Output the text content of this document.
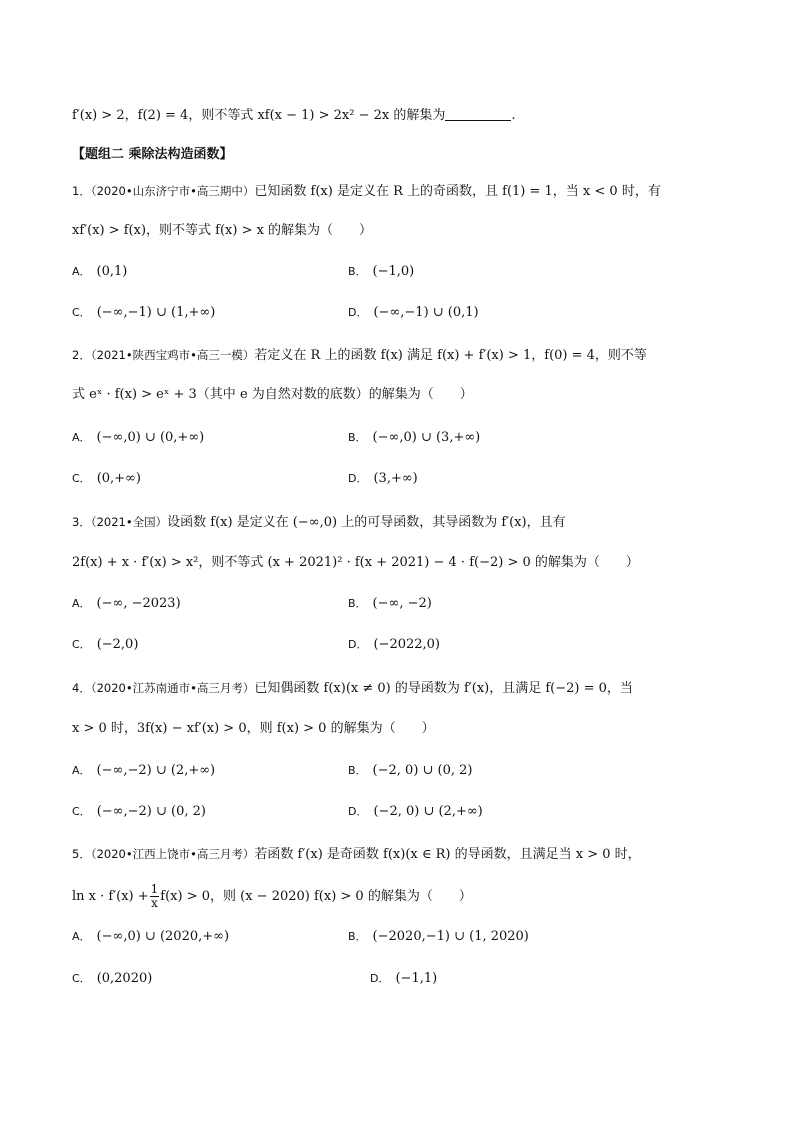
f′(x) > 2，f(2) = 4，则不等式 xf(x − 1) > 2x² − 2x 的解集为	.
【题组二 乘除法构造函数】
1．（2020•山东济宁市•高三期中）已知函数 f(x) 是定义在 R 上的奇函数，且 f(1) = 1，当 x < 0 时，有
xf′(x) > f(x)，则不等式 f(x) > x 的解集为（　　）
A． (0,1)	B． (−1,0)
C． (−∞,−1) ∪ (1,+∞)	D． (−∞,−1) ∪ (0,1)
2．（2021•陕西宝鸡市•高三一模）若定义在 R 上的函数 f(x) 满足 f(x) + f′(x) > 1，f(0) = 4，则不等
式 eˣ · f(x) > eˣ + 3（其中 e 为自然对数的底数）的解集为（　　）
A． (−∞,0) ∪ (0,+∞)	B． (−∞,0) ∪ (3,+∞)
C． (0,+∞)	D． (3,+∞)
3．（2021•全国）设函数 f(x) 是定义在 (−∞,0) 上的可导函数，其导函数为 f′(x)，且有
2f(x) + x · f′(x) > x²，则不等式 (x + 2021)² · f(x + 2021) − 4 · f(−2) > 0 的解集为（　　）
A． (−∞, −2023)	B． (−∞, −2)
C． (−2,0)	D． (−2022,0)
4．（2020•江苏南通市•高三月考）已知偶函数 f(x)(x ≠ 0) 的导函数为 f′(x)，且满足 f(−2) = 0，当
x > 0 时，3f(x) − xf′(x) > 0，则 f(x) > 0 的解集为（　　）
A． (−∞,−2) ∪ (2,+∞)	B． (−2, 0) ∪ (0, 2)
C． (−∞,−2) ∪ (0, 2)	D． (−2, 0) ∪ (2,+∞)
5．（2020•江西上饶市•高三月考）若函数 f′(x) 是奇函数 f(x)(x ∈ R) 的导函数，且满足当 x > 0 时，
$\ln x \cdot f'(x) + \frac{1}{x} f(x) > 0$，则 (x − 2020) f(x) > 0 的解集为（　　）
A． (−∞,0) ∪ (2020,+∞)	B． (−2020,−1) ∪ (1, 2020)
C． (0,2020)	D． (−1,1)
